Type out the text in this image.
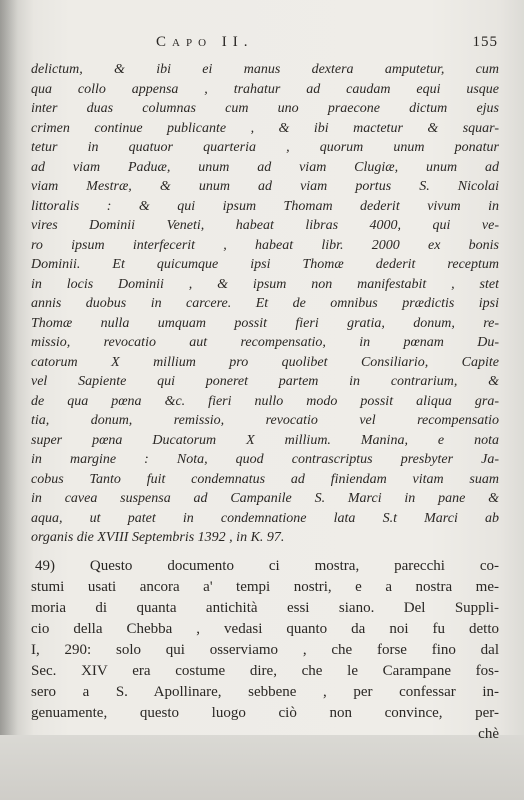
Capo II.	155
delictum, & ibi ei manus dextera amputetur, cum
qua collo appensa , trahatur ad caudam equi usque
inter duas columnas cum uno praecone dictum ejus
crimen continue publicante , & ibi mactetur & squar-
tetur in quatuor quarteria , quorum unum ponatur
ad viam Paduæ, unum ad viam Clugiæ, unum ad
viam Mestræ, & unum ad viam portus S. Nicolai
littoralis : & qui ipsum Thomam dederit vivum in
vires Dominii Veneti, habeat libras 4000, qui ve-
ro ipsum interfecerit , habeat libr. 2000 ex bonis
Dominii. Et quicumque ipsi Thomæ dederit receptum
in locis Dominii , & ipsum non manifestabit , stet
annis duobus in carcere. Et de omnibus prædictis ipsi
Thomæ nulla umquam possit fieri gratia, donum, re-
missio, revocatio aut recompensatio, in pœnam Du-
catorum X millium pro quolibet Consiliario, Capite
vel Sapiente qui poneret partem in contrarium, &
de qua pœna &c. fieri nullo modo possit aliqua gra-
tia, donum, remissio, revocatio vel recompensatio
super pœna Ducatorum X millium. Manina, e nota
in margine : Nota, quod contrascriptus presbyter Ja-
cobus Tanto fuit condemnatus ad finiendam vitam suam
in cavea suspensa ad Campanile S. Marci in pane &
aqua, ut patet in condemnatione lata S.t Marci ab
organis die XVIII Septembris 1392 , in K. 97.
49) Questo documento ci mostra, parecchi co-
stumi usati ancora a' tempi nostri, e a nostra me-
moria di quanta antichità essi siano. Del Suppli-
cio della Chebba , vedasi quanto da noi fu detto
I, 290: solo qui osserviamo , che forse fino dal
Sec. XIV era costume dire, che le Carampane fos-
sero a S. Apollinare, sebbene , per confessar in-
genuamente, questo luogo ciò non convince, per-
chè
